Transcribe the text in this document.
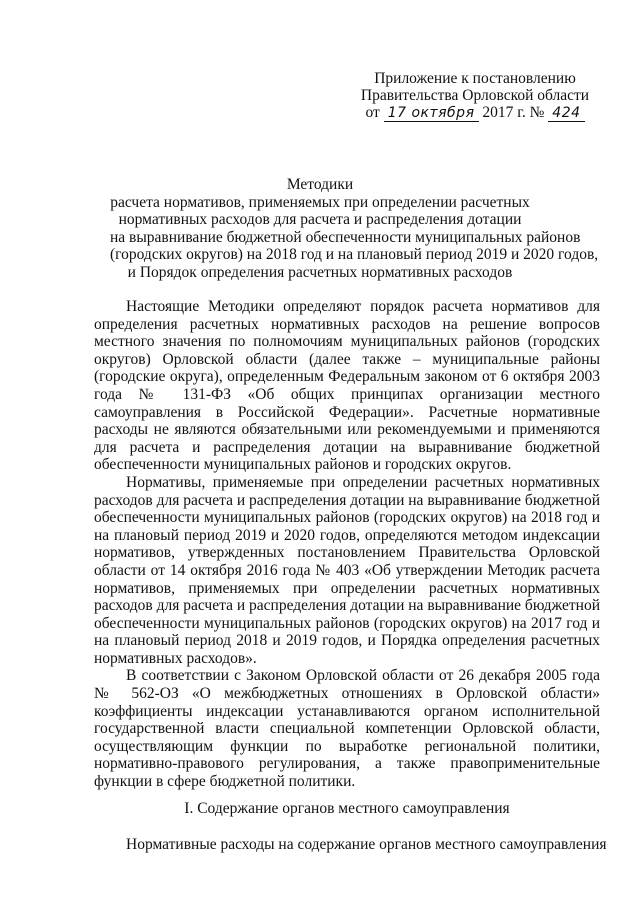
Приложение к постановлению
Правительства Орловской области
от 17 октября 2017 г. № 424
Методики
расчета нормативов, применяемых при определении расчетных
нормативных расходов для расчета и распределения дотации
на выравнивание бюджетной обеспеченности муниципальных районов
(городских округов) на 2018 год и на плановый период 2019 и 2020 годов,
и Порядок определения расчетных нормативных расходов

Настоящие Методики определяют порядок расчета нормативов для определения расчетных нормативных расходов на решение вопросов местного значения по полномочиям муниципальных районов (городских округов) Орловской области (далее также – муниципальные районы (городские округа), определенным Федеральным законом от 6 октября 2003 года № 131-ФЗ «Об общих принципах организации местного самоуправления в Российской Федерации». Расчетные нормативные расходы не являются обязательными или рекомендуемыми и применяются для расчета и распределения дотации на выравнивание бюджетной обеспеченности муниципальных районов и городских округов.

Нормативы, применяемые при определении расчетных нормативных расходов для расчета и распределения дотации на выравнивание бюджетной обеспеченности муниципальных районов (городских округов) на 2018 год и на плановый период 2019 и 2020 годов, определяются методом индексации нормативов, утвержденных постановлением Правительства Орловской области от 14 октября 2016 года № 403 «Об утверждении Методик расчета нормативов, применяемых при определении расчетных нормативных расходов для расчета и распределения дотации на выравнивание бюджетной обеспеченности муниципальных районов (городских округов) на 2017 год и на плановый период 2018 и 2019 годов, и Порядка определения расчетных нормативных расходов».

В соответствии с Законом Орловской области от 26 декабря 2005 года № 562-ОЗ «О межбюджетных отношениях в Орловской области» коэффициенты индексации устанавливаются органом исполнительной государственной власти специальной компетенции Орловской области, осуществляющим функции по выработке региональной политики, нормативно-правового регулирования, а также правоприменительные функции в сфере бюджетной политики.

I. Содержание органов местного самоуправления
Нормативные расходы на содержание органов местного самоуправления
